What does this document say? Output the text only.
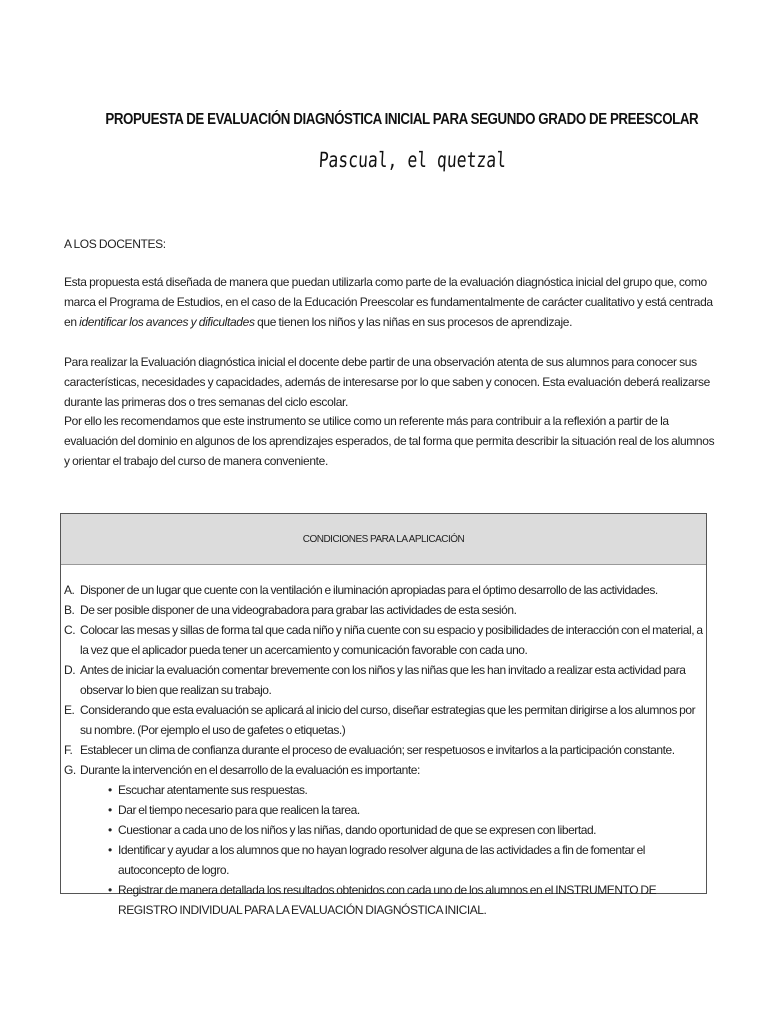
PROPUESTA DE EVALUACIÓN DIAGNÓSTICA INICIAL PARA SEGUNDO GRADO DE PREESCOLAR
Pascual, el quetzal
A LOS DOCENTES:
Esta propuesta está diseñada de manera que puedan utilizarla como parte de la evaluación diagnóstica inicial del grupo que, como marca el Programa de Estudios, en el caso de la Educación Preescolar es fundamentalmente de carácter cualitativo y está centrada en identificar los avances y dificultades que tienen los niños y las niñas en sus procesos de aprendizaje.
Para realizar la Evaluación diagnóstica inicial el docente debe partir de una observación atenta de sus alumnos para conocer sus características, necesidades y capacidades, además de interesarse por lo que saben y conocen. Esta evaluación deberá realizarse durante las primeras dos o tres semanas del ciclo escolar.
Por ello les recomendamos que este instrumento se utilice como un referente más para contribuir a la reflexión a partir de la evaluación del dominio en algunos de los aprendizajes esperados, de tal forma que permita describir la situación real de los alumnos y orientar el trabajo del curso de manera conveniente.
CONDICIONES PARA LA APLICACIÓN
A. Disponer de un lugar que cuente con la ventilación e iluminación apropiadas para el óptimo desarrollo de las actividades.
B. De ser posible disponer de una videograbadora para grabar las actividades de esta sesión.
C. Colocar las mesas y sillas de forma tal que cada niño y niña cuente con su espacio y posibilidades de interacción con el material, a la vez que el aplicador pueda tener un acercamiento y comunicación favorable con cada uno.
D. Antes de iniciar la evaluación comentar brevemente con los niños y las niñas que les han invitado a realizar esta actividad para observar lo bien que realizan su trabajo.
E. Considerando que esta evaluación se aplicará al inicio del curso, diseñar estrategias que les permitan dirigirse a los alumnos por su nombre. (Por ejemplo el uso de gafetes o etiquetas.)
F. Establecer un clima de confianza durante el proceso de evaluación; ser respetuosos e invitarlos a la participación constante.
G. Durante la intervención en el desarrollo de la evaluación es importante:
• Escuchar atentamente sus respuestas.
• Dar el tiempo necesario para que realicen la tarea.
• Cuestionar a cada uno de los niños y las niñas, dando oportunidad de que se expresen con libertad.
• Identificar y ayudar a los alumnos que no hayan logrado resolver alguna de las actividades a fin de fomentar el autoconcepto de logro.
• Registrar de manera detallada los resultados obtenidos con cada uno de los alumnos en el INSTRUMENTO DE REGISTRO INDIVIDUAL PARA LA EVALUACIÓN DIAGNÓSTICA INICIAL.
